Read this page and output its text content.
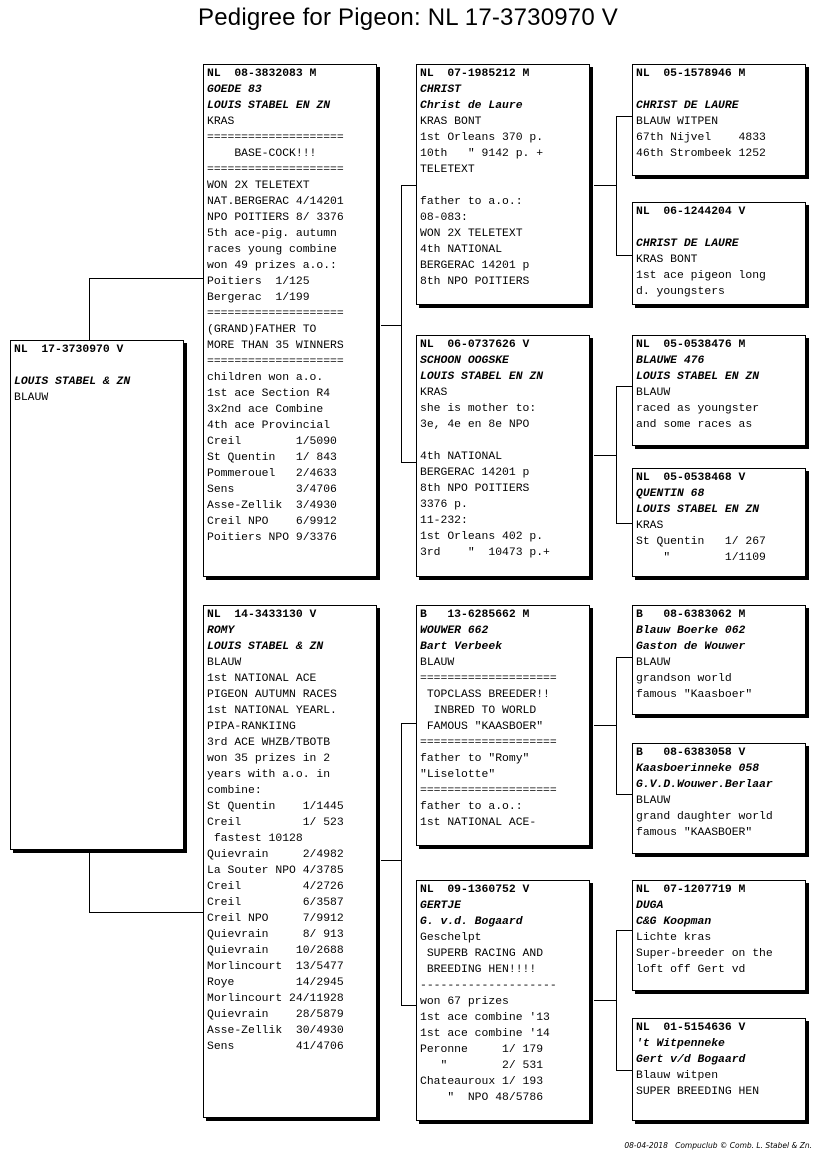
Pedigree for Pigeon: NL 17-3730970 V
NL  17-3730970 V
LOUIS STABEL & ZN
BLAUW
NL  08-3832083 M
GOEDE 83
LOUIS STABEL EN ZN
KRAS
====================
BASE-COCK!!!
====================
WON 2X TELETEXT
NAT.BERGERAC 4/14201
NPO POITIERS 8/ 3376
5th ace-pig. autumn
races young combine
won 49 prizes a.o.:
Poitiers  1/125
Bergerac  1/199
====================
(GRAND)FATHER TO
MORE THAN 35 WINNERS
====================
children won a.o.
1st ace Section R4
3x2nd ace Combine
4th ace Provincial
Creil        1/5090
St Quentin   1/ 843
Pommerouel   2/4633
Sens         3/4706
Asse-Zellik  3/4930
Creil NPO    6/9912
Poitiers NPO 9/3376
NL  14-3433130 V
ROMY
LOUIS STABEL & ZN
BLAUW
1st NATIONAL ACE
PIGEON AUTUMN RACES
1st NATIONAL YEARL.
PIPA-RANKIING
3rd ACE WHZB/TBOTB
won 35 prizes in 2
years with a.o. in
combine:
St Quentin    1/1445
Creil         1/ 523
fastest 10128
Quievrain     2/4982
La Souter NPO 4/3785
Creil         4/2726
Creil         6/3587
Creil NPO     7/9912
Quievrain     8/ 913
Quievrain    10/2688
Morlincourt  13/5477
Roye         14/2945
Morlincourt 24/11928
Quievrain    28/5879
Asse-Zellik  30/4930
Sens         41/4706
NL  07-1985212 M
CHRIST
Christ de Laure
KRAS BONT
1st Orleans 370 p.
10th   " 9142 p. +
TELETEXT
father to a.o.:
08-083:
WON 2X TELETEXT
4th NATIONAL
BERGERAC 14201 p
8th NPO POITIERS
NL  06-0737626 V
SCHOON OOGSKE
LOUIS STABEL EN ZN
KRAS
she is mother to:
3e, 4e en 8e NPO
4th NATIONAL
BERGERAC 14201 p
8th NPO POITIERS
3376 p.
11-232:
1st Orleans 402 p.
3rd    "  10473 p.+
B   13-6285662 M
WOUWER 662
Bart Verbeek
BLAUW
====================
TOPCLASS BREEDER!!
INBRED TO WORLD
FAMOUS "KAASBOER"
====================
father to "Romy"
"Liselotte"
====================
father to a.o.:
1st NATIONAL ACE-
NL  09-1360752 V
GERTJE
G. v.d. Bogaard
Geschelpt
SUPERB RACING AND
BREEDING HEN!!!!
--------------------
won 67 prizes
1st ace combine '13
1st ace combine '14
Peronne     1/ 179
"        2/ 531
Chateauroux 1/ 193
"  NPO 48/5786
NL  05-1578946 M
CHRIST DE LAURE
BLAUW WITPEN
67th Nijvel    4833
46th Strombeek 1252
NL  06-1244204 V
CHRIST DE LAURE
KRAS BONT
1st ace pigeon long
d. youngsters
NL  05-0538476 M
BLAUWE 476
LOUIS STABEL EN ZN
BLAUW
raced as youngster
and some races as
NL  05-0538468 V
QUENTIN 68
LOUIS STABEL EN ZN
KRAS
St Quentin   1/ 267
"        1/1109
B   08-6383062 M
Blauw Boerke 062
Gaston de Wouwer
BLAUW
grandson world
famous "Kaasboer"
B   08-6383058 V
Kaasboerinneke 058
G.V.D.Wouwer.Berlaar
BLAUW
grand daughter world
famous "KAASBOER"
NL  07-1207719 M
DUGA
C&G Koopman
Lichte kras
Super-breeder on the
loft off Gert vd
NL  01-5154636 V
't Witpenneke
Gert v/d Bogaard
Blauw witpen
SUPER BREEDING HEN
08-04-2018 Compuclub © Comb. L. Stabel & Zn.
